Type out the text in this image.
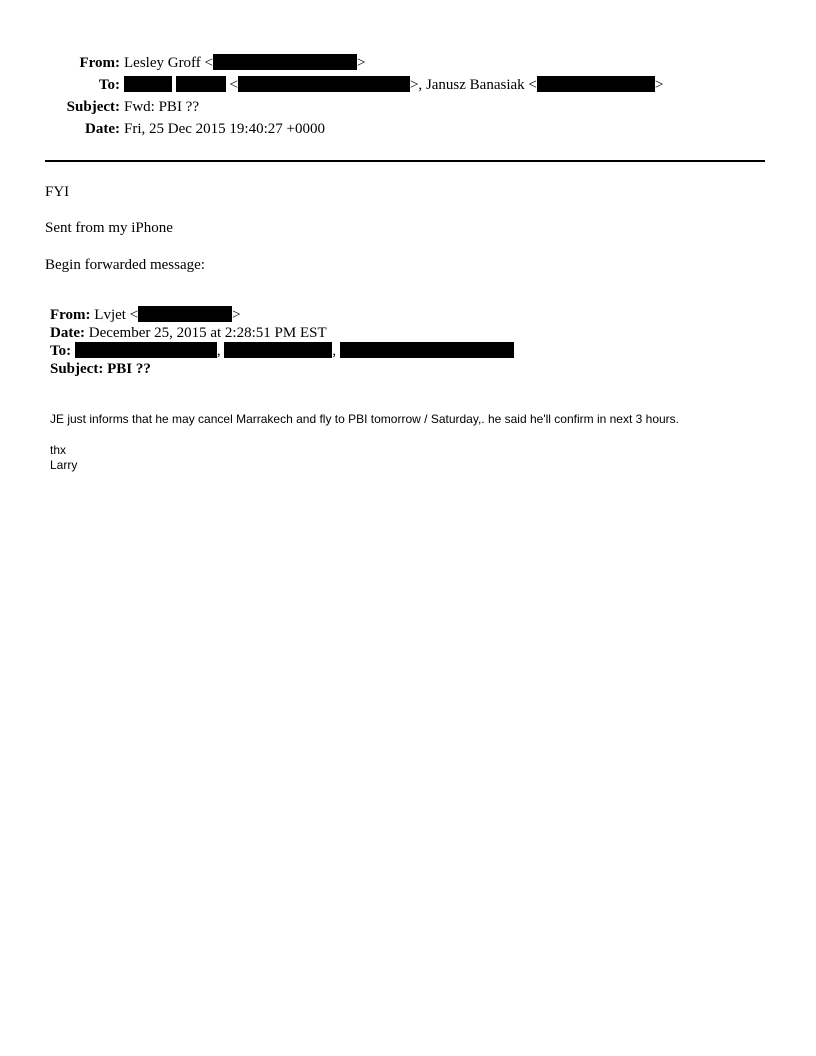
From: Lesley Groff <	>
To:	<	>, Janusz Banasiak <	>
Subject: Fwd: PBI ??
Date: Fri, 25 Dec 2015 19:40:27 +0000
FYI
Sent from my iPhone
Begin forwarded message:
From: Lvjet <	>
Date: December 25, 2015 at 2:28:51 PM EST
To:	,	,
Subject: PBI ??
JE just informs that he may cancel Marrakech and fly to PBI tomorrow / Saturday,. he said he'll confirm in next 3 hours.
thx
Larry
